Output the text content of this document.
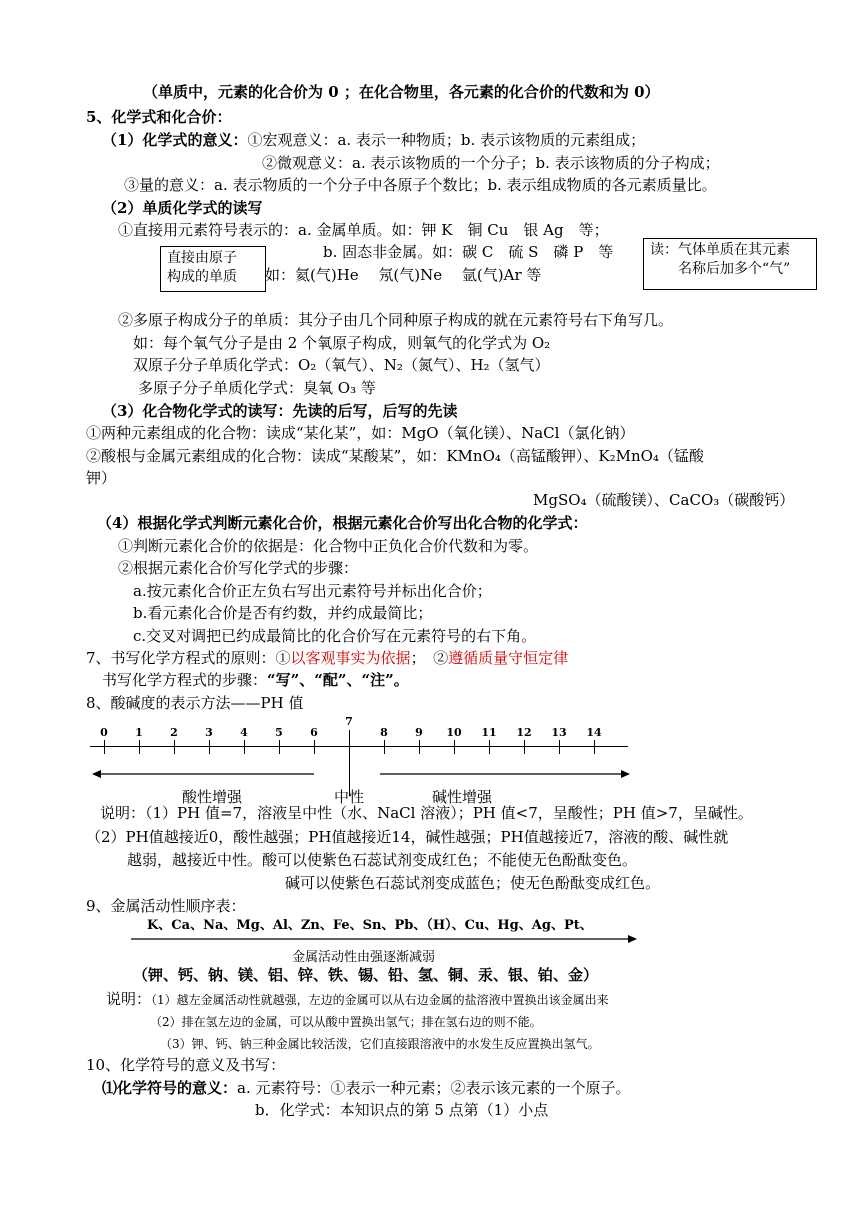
（单质中，元素的化合价为 0 ；在化合物里，各元素的化合价的代数和为 0）
5、化学式和化合价：
（1）化学式的意义：①宏观意义：a. 表示一种物质；b. 表示该物质的元素组成；
②微观意义：a. 表示该物质的一个分子；b. 表示该物质的分子构成；
③量的意义：a. 表示物质的一个分子中各原子个数比；b. 表示组成物质的各元素质量比。
（2）单质化学式的读写
①直接用元素符号表示的：a. 金属单质。如：钾 K　铜 Cu　银 Ag　等；
b. 固态非金属。如：碳 C　硫 S　磷 P　等
如：氦(气)He　 氖(气)Ne　 氩(气)Ar 等
直接由原子
构成的单质
读：气体单质在其元素
名称后加多个“气”
②多原子构成分子的单质：其分子由几个同种原子构成的就在元素符号右下角写几。
如：每个氧气分子是由 2 个氧原子构成，则氧气的化学式为 O₂
双原子分子单质化学式：O₂（氧气）、N₂（氮气）、H₂（氢气）
多原子分子单质化学式：臭氧 O₃ 等
（3）化合物化学式的读写：先读的后写，后写的先读
①两种元素组成的化合物：读成“某化某”，如：MgO（氧化镁）、NaCl（氯化钠）
②酸根与金属元素组成的化合物：读成“某酸某”，如：KMnO₄（高锰酸钾）、K₂MnO₄（锰酸
钾）
MgSO₄（硫酸镁）、CaCO₃（碳酸钙）
（4）根据化学式判断元素化合价，根据元素化合价写出化合物的化学式：
①判断元素化合价的依据是：化合物中正负化合价代数和为零。
②根据元素化合价写化学式的步骤：
a.按元素化合价正左负右写出元素符号并标出化合价；
b.看元素化合价是否有约数，并约成最简比；
c.交叉对调把已约成最简比的化合价写在元素符号的右下角。
7、书写化学方程式的原则：①以客观事实为依据；　②遵循质量守恒定律
书写化学方程式的步骤：“写”、“配”、“注”。
8、酸碱度的表示方法——PH 值
酸性增强	中性	碱性增强
0	1	2	3	4	5	6
7
8	9	10 11 12 13 14
说明：（1）PH 值=7，溶液呈中性（水、NaCl 溶液）；PH 值<7，呈酸性；PH 值>7，呈碱性。
（2）PH值越接近0，酸性越强；PH值越接近14，碱性越强；PH值越接近7，溶液的酸、碱性就
越弱，越接近中性。酸可以使紫色石蕊试剂变成红色；不能使无色酚酞变色。
碱可以使紫色石蕊试剂变成蓝色；使无色酚酞变成红色。
9、金属活动性顺序表：
K、Ca、Na、Mg、Al、Zn、Fe、Sn、Pb、（H）、Cu、Hg、Ag、Pt、
金属活动性由强逐渐减弱
（钾、钙、钠、镁、铝、锌、铁、锡、铅、氢、铜、汞、银、铂、金）
说明：（1）越左金属活动性就越强，左边的金属可以从右边金属的盐溶液中置换出该金属出来
（2）排在氢左边的金属，可以从酸中置换出氢气；排在氢右边的则不能。
（3）钾、钙、钠三种金属比较活泼，它们直接跟溶液中的水发生反应置换出氢气。
10、化学符号的意义及书写：
⑴化学符号的意义：a. 元素符号：①表示一种元素；②表示该元素的一个原子。
b．化学式：本知识点的第 5 点第（1）小点
